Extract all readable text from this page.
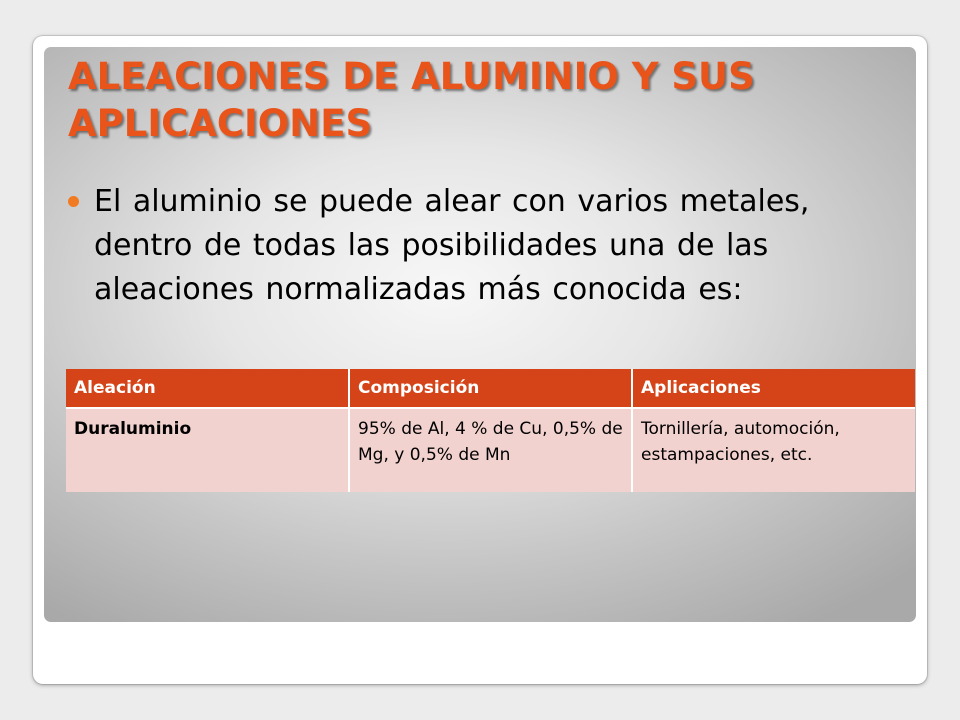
ALEACIONES DE ALUMINIO Y SUS APLICACIONES
El aluminio se puede alear con varios metales, dentro de todas las posibilidades una de las aleaciones normalizadas más conocida es:
Aleación	Composición	Aplicaciones
Duraluminio	95% de Al, 4 % de Cu, 0,5% de Mg, y 0,5% de Mn	Tornillería, automoción, estampaciones, etc.
